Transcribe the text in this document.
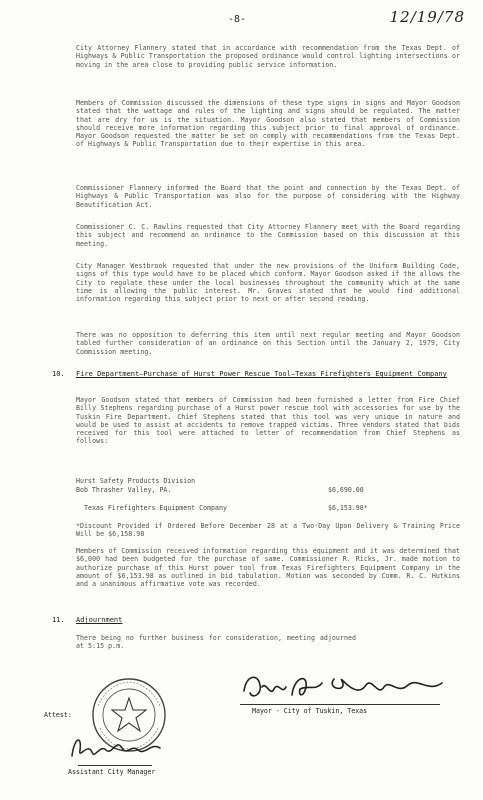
-8-	12/19/78
City Attorney Flannery stated that in accordance with recommendation from the Texas Dept. of Highways & Public Transportation the proposed ordinance would control lighting intersections or moving in the area close to providing public service information.
Members of Commission discussed the dimensions of these type signs in signs and Mayor Goodson stated that the wattage and rules of the lighting and signs should be regulated. The matter that are dry for us is the situation. Mayor Goodson also stated that members of Commission should receive more information regarding this subject prior to final approval of ordinance. Mayor Goodson requested the matter be set on comply with recommendations from the Texas Dept. of Highways & Public Transportation due to their expertise in this area.
Commissioner Flannery informed the Board that the point and connection by the Texas Dept. of Highways & Public Transportation was also for the purpose of considering with the Highway Beautification Act.
Commissioner C. C. Rawlins requested that City Attorney Flannery meet with the Board regarding this subject and recommend an ordinance to the Commission based on this discussion at this meeting.
City Manager Westbrook requested that under the new provisions of the Uniform Building Code, signs of this type would have to be placed which conform. Mayor Goodson asked if the allows the City to regulate these under the local businesses throughout the community which at the same time is allowing the public interest. Mr. Graves stated that he would find additional information regarding this subject prior to next or after second reading.
There was no opposition to deferring this item until next regular meeting and Mayor Goodson tabled further consideration of an ordinance on this Section until the January 2, 1979, City Commission meeting.
10. Fire Department—Purchase of Hurst Power Rescue Tool—Texas Firefighters Equipment Company
Mayor Goodson stated that members of Commission had been furnished a letter from Fire Chief Billy Stephens regarding purchase of a Hurst power rescue tool with accessories for use by the Tuskin Fire Department. Chief Stephens stated that this tool was very unique in nature and would be used to assist at accidents to remove trapped victims. Three vendors stated that bids received for this tool were attached to letter of recommendation from Chief Stephens as follows:
Hurst Safety Products Division
Bob Thrasher Valley, PA.	$6,690.00
Texas Firefighters Equipment Company	$6,153.98*
*Discount Provided if Ordered Before December 28 at a Two-Day Upon Delivery & Training Price Will be $6,158.98
Members of Commission received information regarding this equipment and it was determined that $6,000 had been budgeted for the purchase of same. Commissioner R. Ricks, Jr. made motion to authorize purchase of this Hurst power tool from Texas Firefighters Equipment Company in the amount of $6,153.98 as outlined in bid tabulation. Motion was seconded by Comm. R. C. Hutkins and a unanimous affirmative vote was recorded.
11. Adjournment
There being no further business for consideration, meeting adjourned at 5:15 p.m.
Mayor - City of Tuskin, Texas
Attest:
Assistant City Manager
